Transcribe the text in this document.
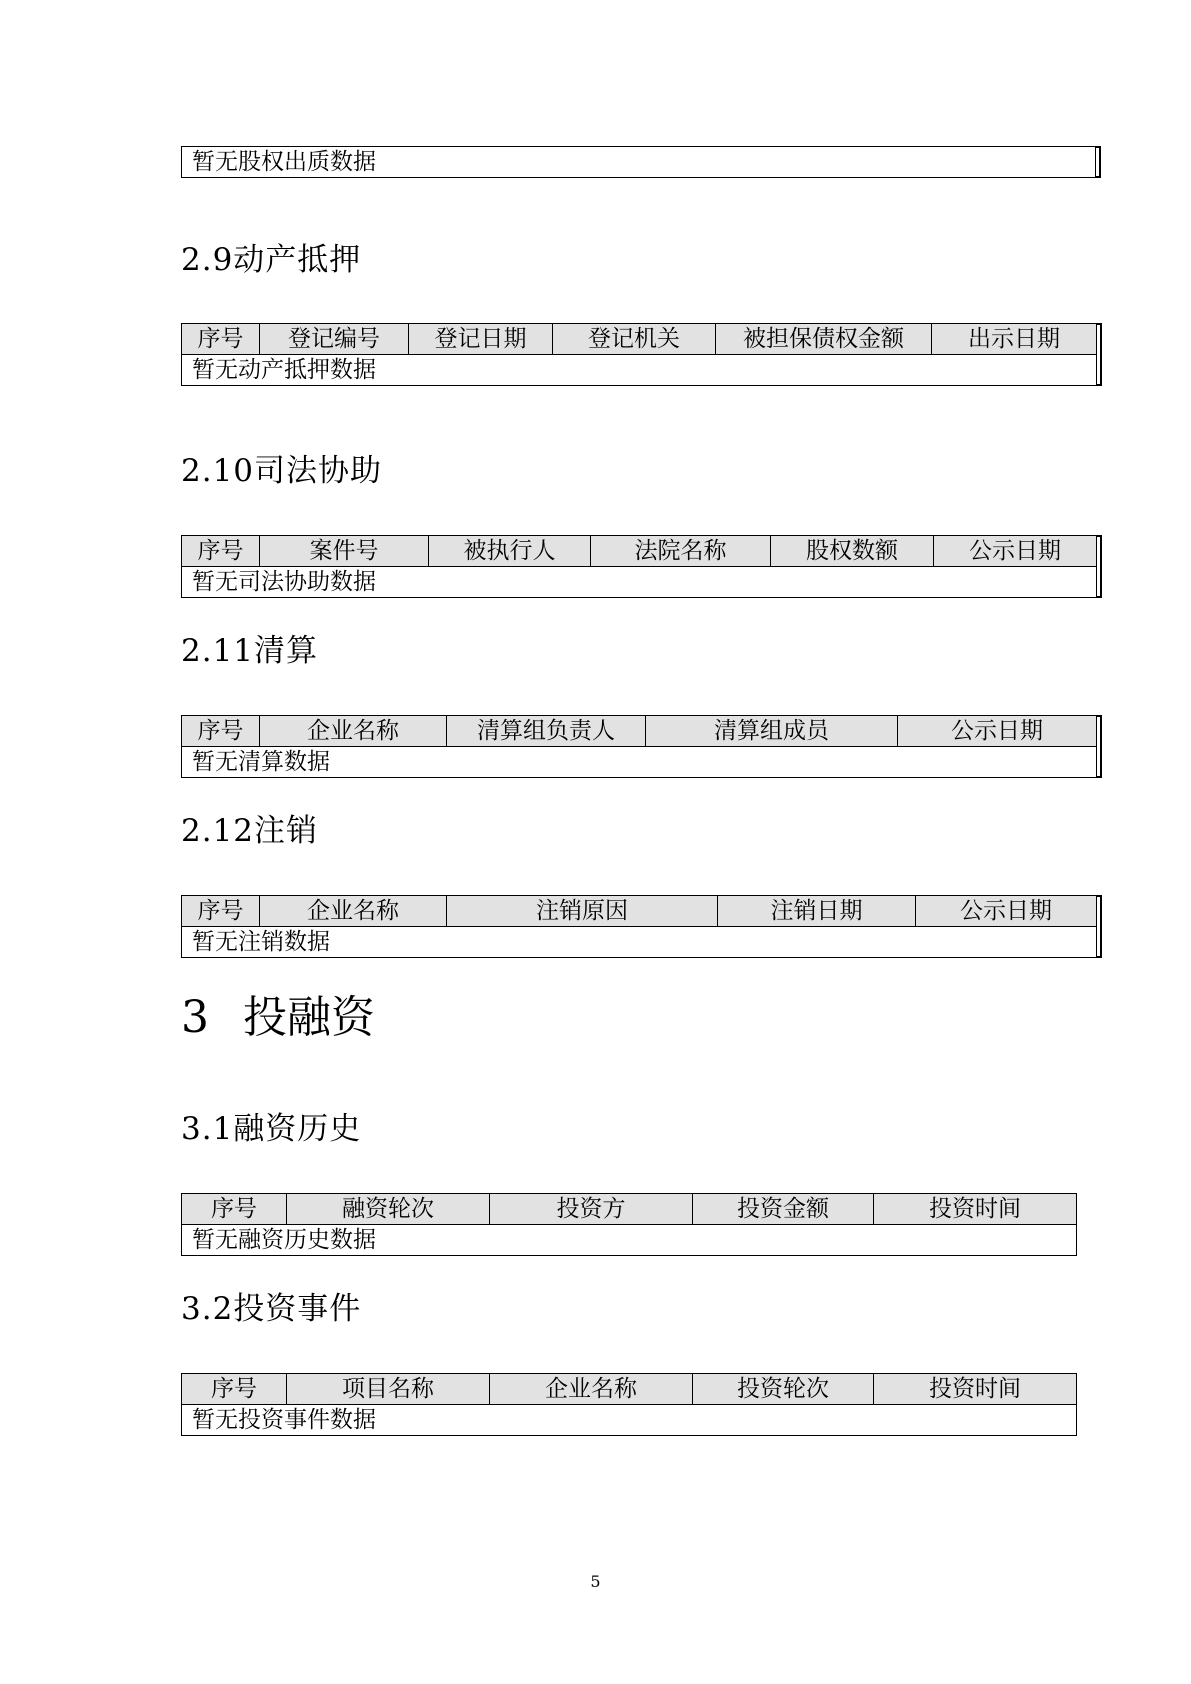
暂无股权出质数据
2.9动产抵押
序号	登记编号	登记日期	登记机关	被担保债权金额	出示日期
暂无动产抵押数据
2.10司法协助
序号	案件号	被执行人	法院名称	股权数额	公示日期
暂无司法协助数据
2.11清算
序号	企业名称	清算组负责人	清算组成员	公示日期
暂无清算数据
2.12注销
序号	企业名称	注销原因	注销日期	公示日期
暂无注销数据
3 投融资
3.1融资历史
序号	融资轮次	投资方	投资金额	投资时间
暂无融资历史数据
3.2投资事件
序号	项目名称	企业名称	投资轮次	投资时间
暂无投资事件数据
5
